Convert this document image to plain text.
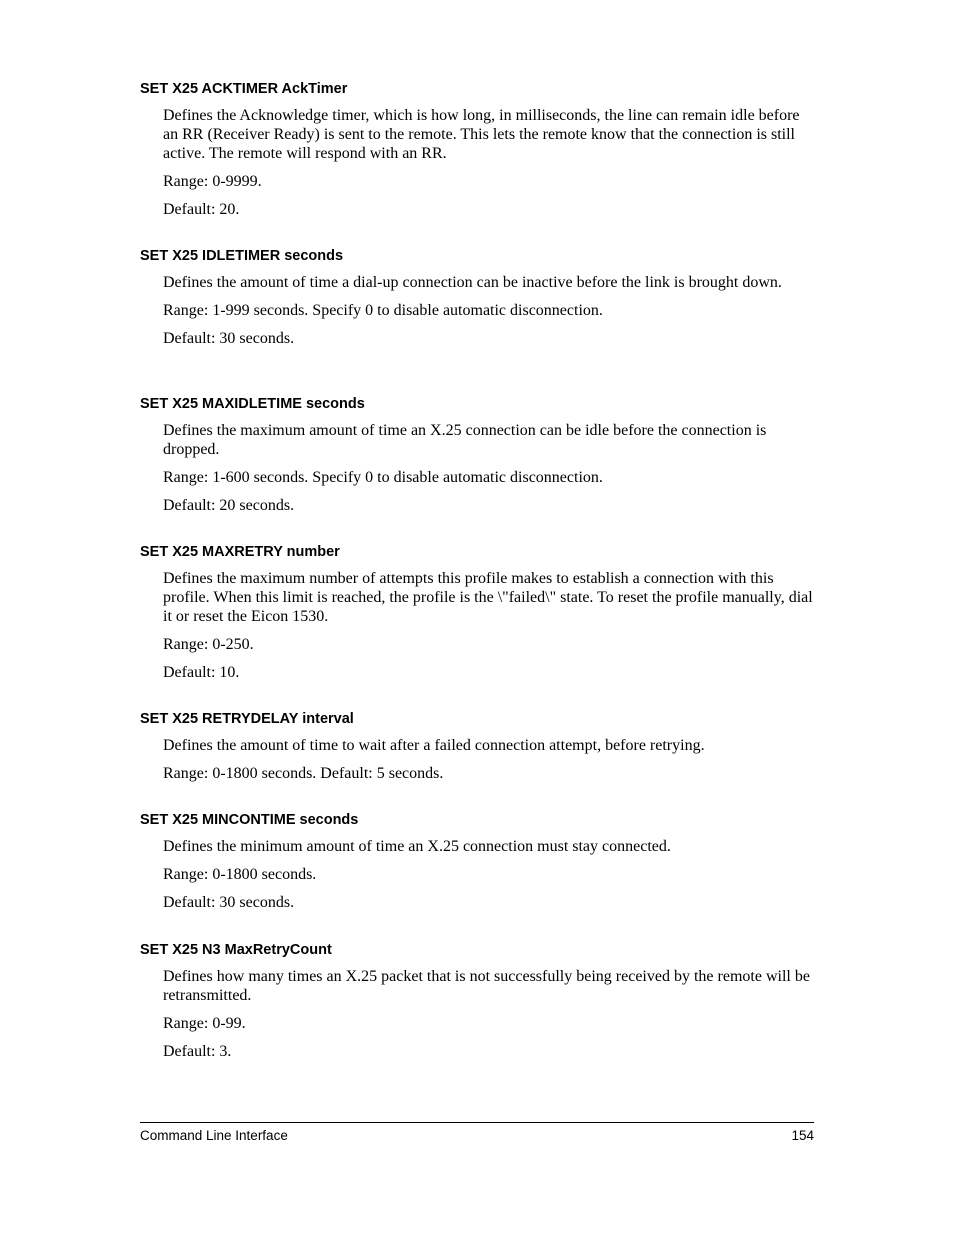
SET X25 ACKTIMER AckTimer

Defines the Acknowledge timer, which is how long, in milliseconds, the line can remain idle before an RR (Receiver Ready) is sent to the remote. This lets the remote know that the connection is still active. The remote will respond with an RR.

Range: 0-9999.

Default: 20.

SET X25 IDLETIMER seconds

Defines the amount of time a dial-up connection can be inactive before the link is brought down.

Range: 1-999 seconds. Specify 0 to disable automatic disconnection.

Default: 30 seconds.

SET X25 MAXIDLETIME seconds

Defines the maximum amount of time an X.25 connection can be idle before the connection is dropped.

Range: 1-600 seconds. Specify 0 to disable automatic disconnection.

Default: 20 seconds.

SET X25 MAXRETRY number

Defines the maximum number of attempts this profile makes to establish a connection with this profile. When this limit is reached, the profile is the \"failed\" state. To reset the profile manually, dial it or reset the Eicon 1530.

Range: 0-250.

Default: 10.

SET X25 RETRYDELAY interval

Defines the amount of time to wait after a failed connection attempt, before retrying.

Range: 0-1800 seconds. Default: 5 seconds.

SET X25 MINCONTIME seconds

Defines the minimum amount of time an X.25 connection must stay connected.

Range: 0-1800 seconds.

Default: 30 seconds.

SET X25 N3 MaxRetryCount

Defines how many times an X.25 packet that is not successfully being received by the remote will be retransmitted.

Range: 0-99.

Default: 3.

Command Line Interface	154
